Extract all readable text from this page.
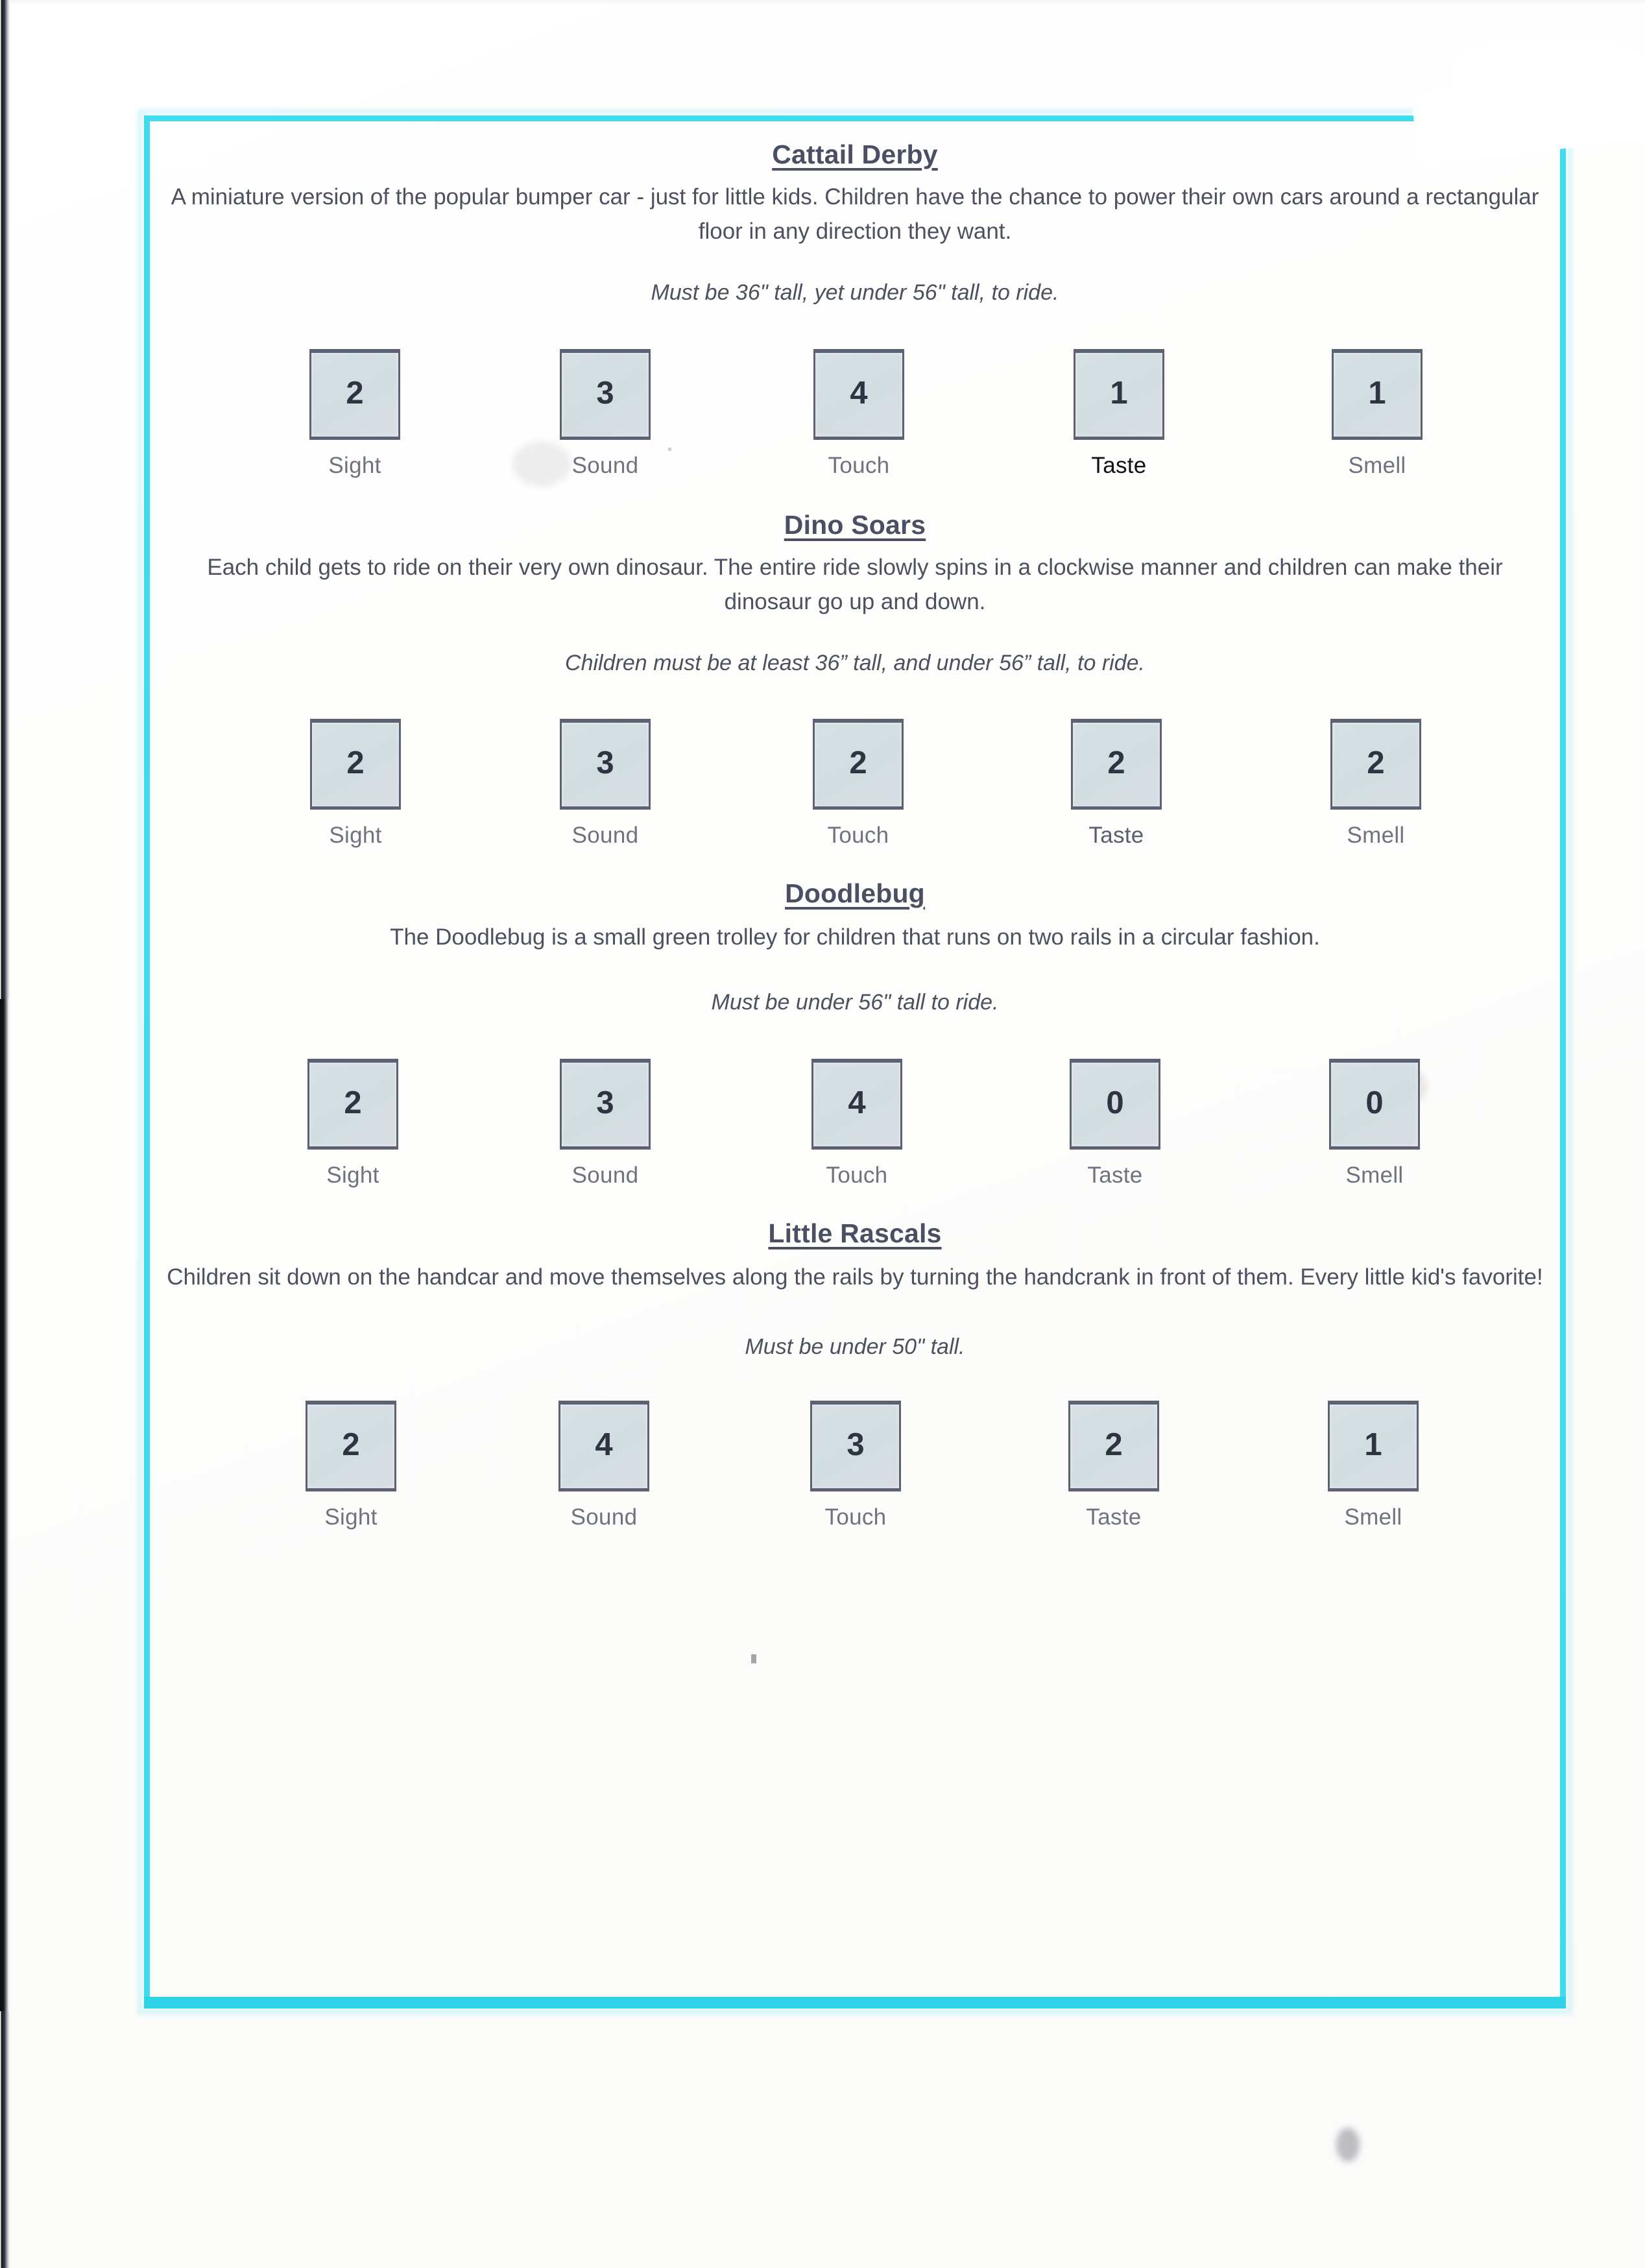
Cattail Derby
A miniature version of the popular bumper car - just for little kids. Children have the chance to power their own cars around a rectangular floor in any direction they want.
Must be 36" tall, yet under 56" tall, to ride.
2
Sight
3
Sound
4
Touch
1
Taste
1
Smell
Dino Soars
Each child gets to ride on their very own dinosaur. The entire ride slowly spins in a clockwise manner and children can make their dinosaur go up and down.
Children must be at least 36” tall, and under 56” tall, to ride.
2
Sight
3
Sound
2
Touch
2
Taste
2
Smell
Doodlebug
The Doodlebug is a small green trolley for children that runs on two rails in a circular fashion.
Must be under 56" tall to ride.
2
Sight
3
Sound
4
Touch
0
Taste
0
Smell
Little Rascals
Children sit down on the handcar and move themselves along the rails by turning the handcrank in front of them. Every little kid's favorite!
Must be under 50" tall.
2
Sight
4
Sound
3
Touch
2
Taste
1
Smell
